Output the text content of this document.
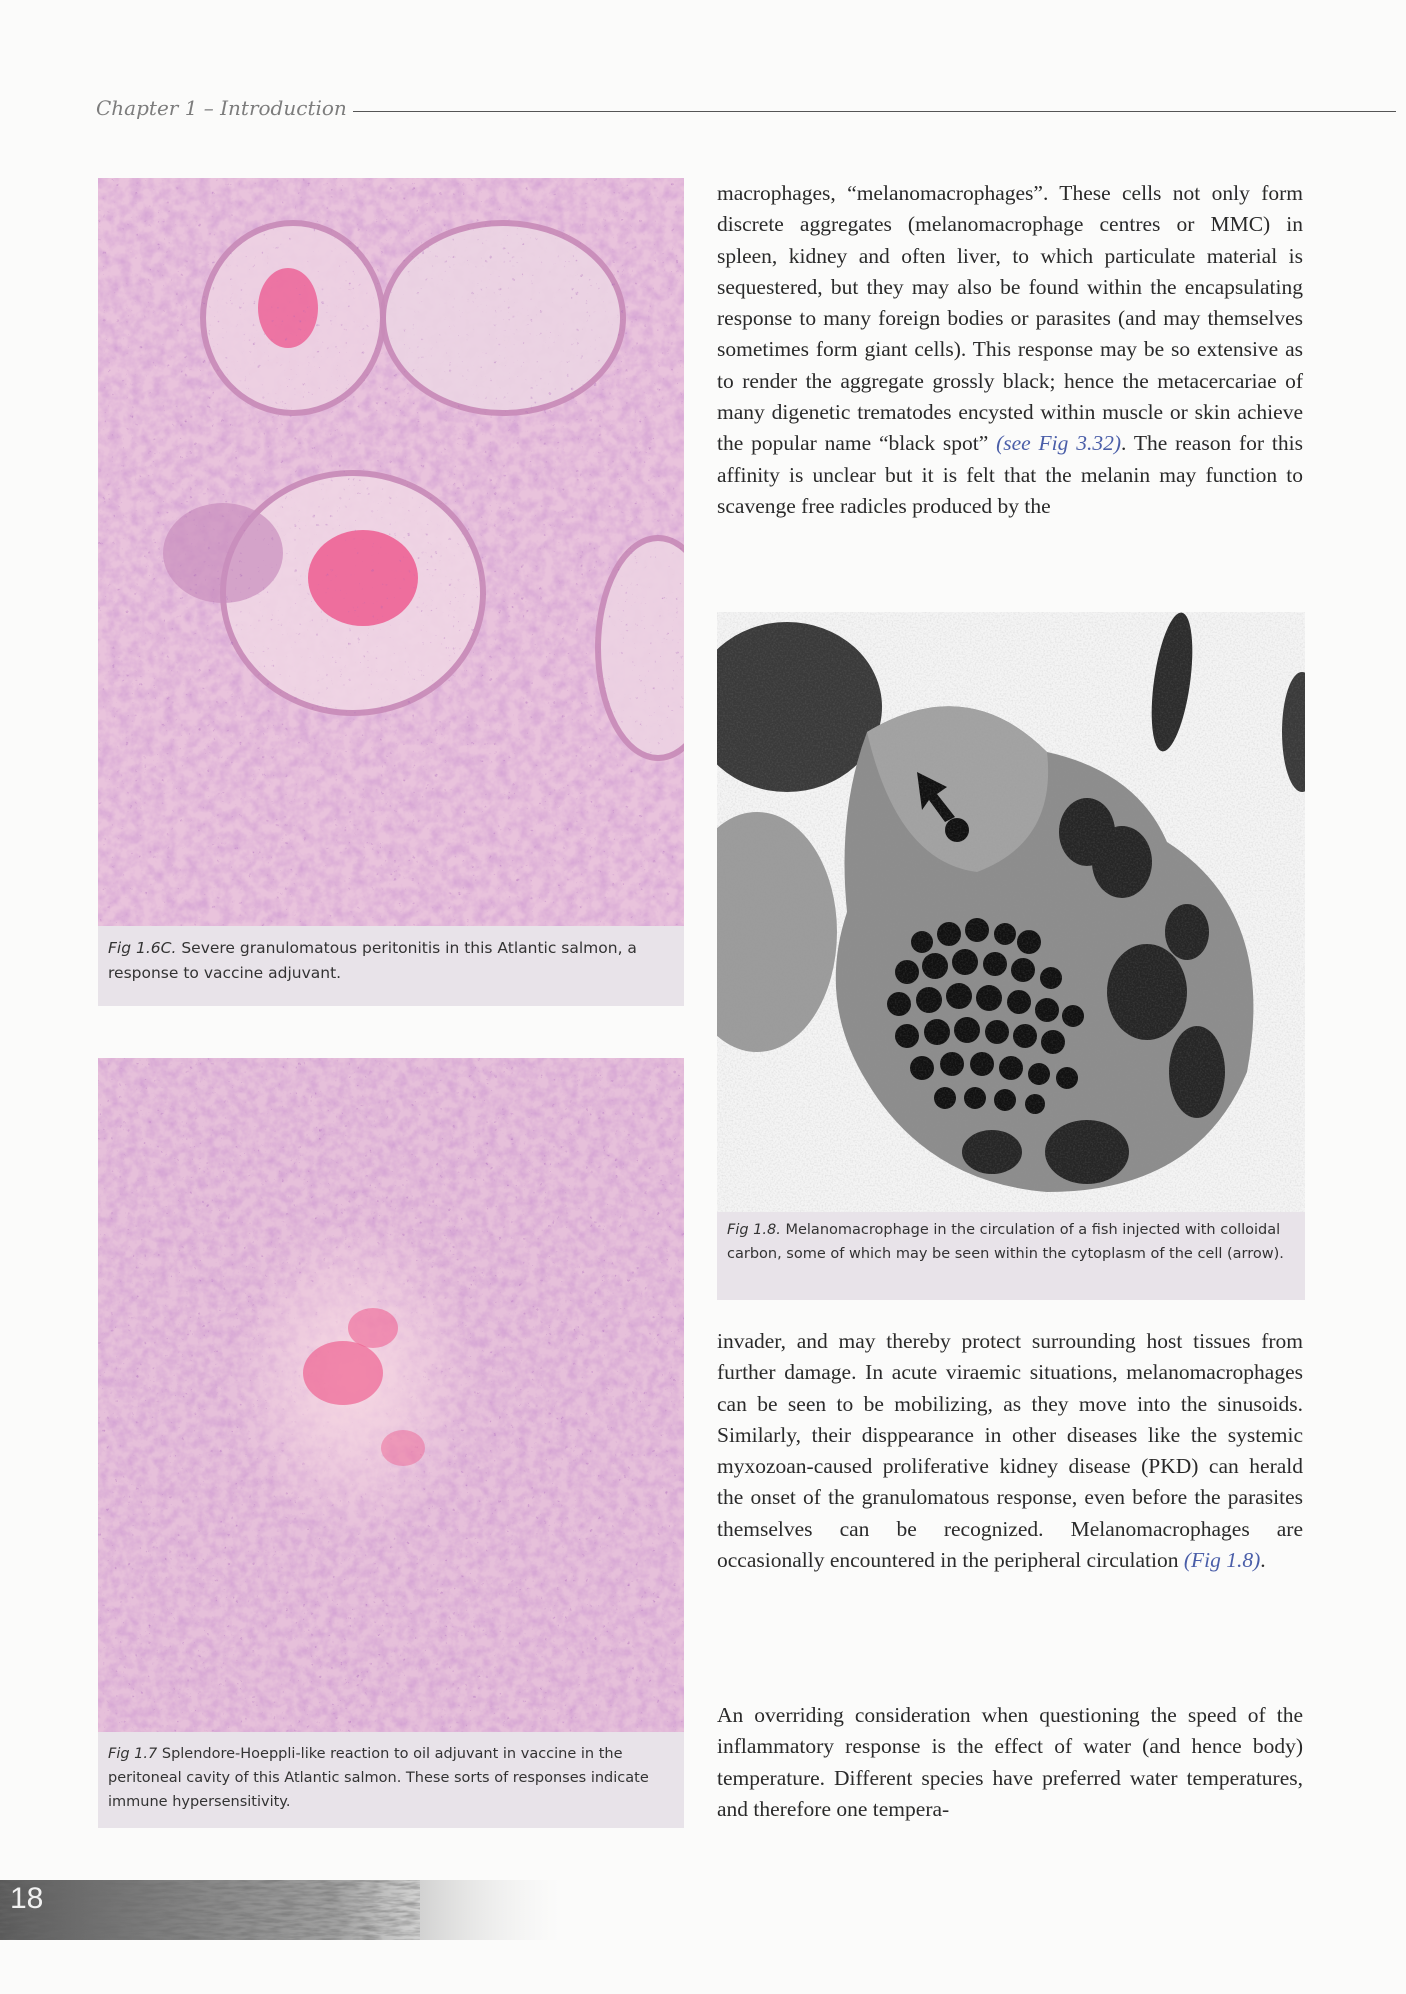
Chapter 1 – Introduction
Fig 1.6C. Severe granulomatous peritonitis in this Atlantic salmon, a response to vaccine adjuvant.
Fig 1.7 Splendore-Hoeppli-like reaction to oil adjuvant in vaccine in the peritoneal cavity of this Atlantic salmon. These sorts of responses indicate immune hypersensitivity.

macrophages, “melanomacrophages”. These cells not only form discrete aggregates (melanomacrophage centres or MMC) in spleen, kidney and often liver, to which particulate material is sequestered, but they may also be found within the encapsulating response to many foreign bodies or parasites (and may themselves sometimes form giant cells). This response may be so extensive as to render the aggregate grossly black; hence the metacercariae of many digenetic trematodes encysted within muscle or skin achieve the popular name “black spot” (see Fig 3.32). The reason for this affinity is unclear but it is felt that the melanin may function to scavenge free radicles produced by the

Fig 1.8. Melanomacrophage in the circulation of a fish injected with colloidal carbon, some of which may be seen within the cytoplasm of the cell (arrow).

invader, and may thereby protect surrounding host tissues from further damage. In acute viraemic situations, melanomacrophages can be seen to be mobilizing, as they move into the sinusoids. Similarly, their disppearance in other diseases like the systemic myxozoan-caused proliferative kidney disease (PKD) can herald the onset of the granulomatous response, even before the parasites themselves can be recognized. Melanomacrophages are occasionally encountered in the peripheral circulation (Fig 1.8).

An overriding consideration when questioning the speed of the inflammatory response is the effect of water (and hence body) temperature. Different species have preferred water temperatures, and therefore one tempera-

18
